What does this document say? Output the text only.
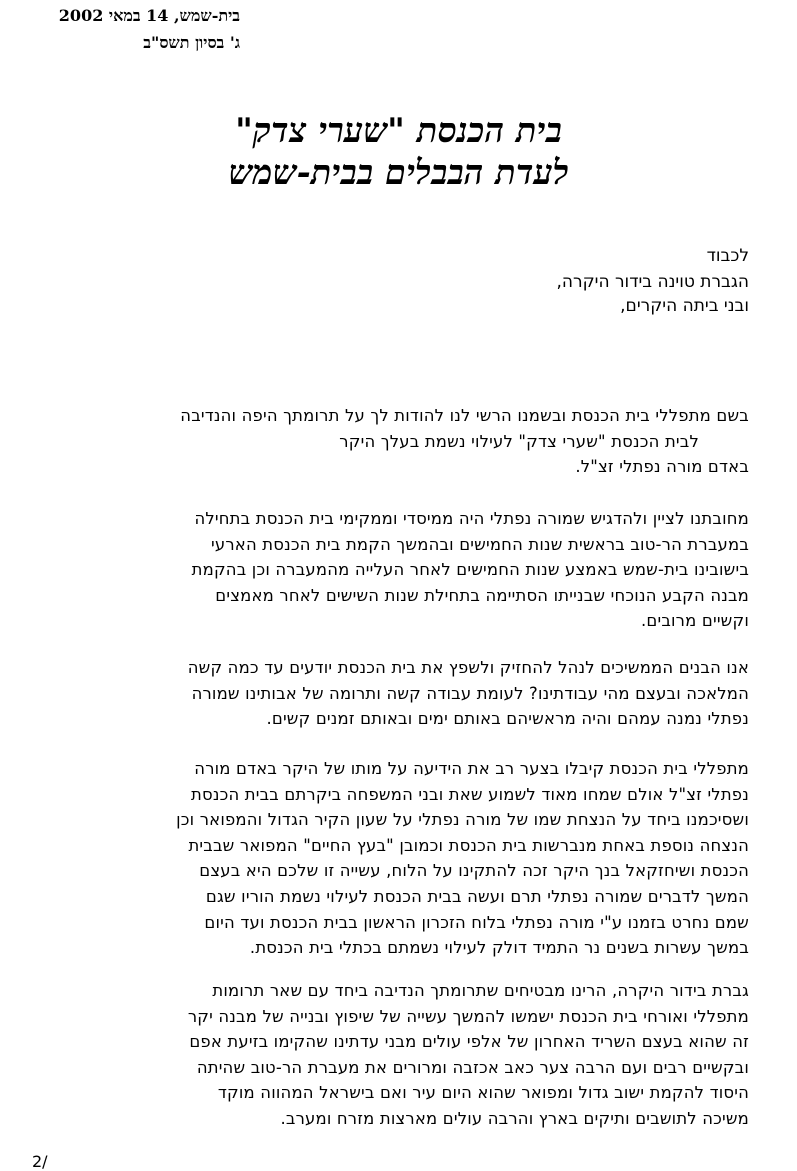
בית-שמש, 14 במאי 2002
ג' בסיון תשס"ב
בית הכנסת "שערי צדק"
לעדת הבבלים בבית-שמש
לכבוד
הגברת טוינה בידור היקרה,
ובני ביתה היקרים,
בשם מתפללי בית הכנסת ובשמנו הרשי לנו להודות לך על תרומתך היפה והנדיבה
לבית הכנסת "שערי צדק" לעילוי נשמת בעלך היקר
באדם מורה נפתלי זצ"ל.
מחובתנו לציין ולהדגיש שמורה נפתלי היה ממיסדי וממקימי בית הכנסת בתחילה
במעברת הר-טוב בראשית שנות החמישים ובהמשך הקמת בית הכנסת הארעי
בישובינו בית-שמש באמצע שנות החמישים לאחר העלייה מהמעברה וכן בהקמת
מבנה הקבע הנוכחי שבנייתו הסתיימה בתחילת שנות השישים לאחר מאמצים
וקשיים מרובים.
אנו הבנים הממשיכים לנהל להחזיק ולשפץ את בית הכנסת יודעים עד כמה קשה
המלאכה ובעצם מהי עבודתינו? לעומת עבודה קשה ותרומה של אבותינו שמורה
נפתלי נמנה עמהם והיה מראשיהם באותם ימים ובאותם זמנים קשים.
מתפללי בית הכנסת קיבלו בצער רב את הידיעה על מותו של היקר באדם מורה
נפתלי זצ"ל אולם שמחו מאוד לשמוע שאת ובני המשפחה ביקרתם בבית הכנסת
ושסיכמנו ביחד על הנצחת שמו של מורה נפתלי על שעון הקיר הגדול והמפואר וכן
הנצחה נוספת באחת מנברשות בית הכנסת וכמובן "בעץ החיים" המפואר שבבית
הכנסת ושיחזקאל בנך היקר זכה להתקינו על הלוח, עשייה זו שלכם היא בעצם
המשך לדברים שמורה נפתלי תרם ועשה בבית הכנסת לעילוי נשמת הוריו שגם
שמם נחרט בזמנו ע"י מורה נפתלי בלוח הזכרון הראשון בבית הכנסת ועד היום
במשך עשרות בשנים נר התמיד דולק לעילוי נשמתם בכתלי בית הכנסת.
גברת בידור היקרה, הרינו מבטיחים שתרומתך הנדיבה ביחד עם שאר תרומות
מתפללי ואורחי בית הכנסת ישמשו להמשך עשייה של שיפוץ ובנייה של מבנה יקר
זה שהוא בעצם השריד האחרון של אלפי עולים מבני עדתינו שהקימו בזיעת אפם
ובקשיים רבים ועם הרבה צער כאב אכזבה ומרורים את מעברת הר-טוב שהיתה
היסוד להקמת ישוב גדול ומפואר שהוא היום עיר ואם בישראל המהווה מוקד
משיכה לתושבים ותיקים בארץ והרבה עולים מארצות מזרח ומערב.
2/
